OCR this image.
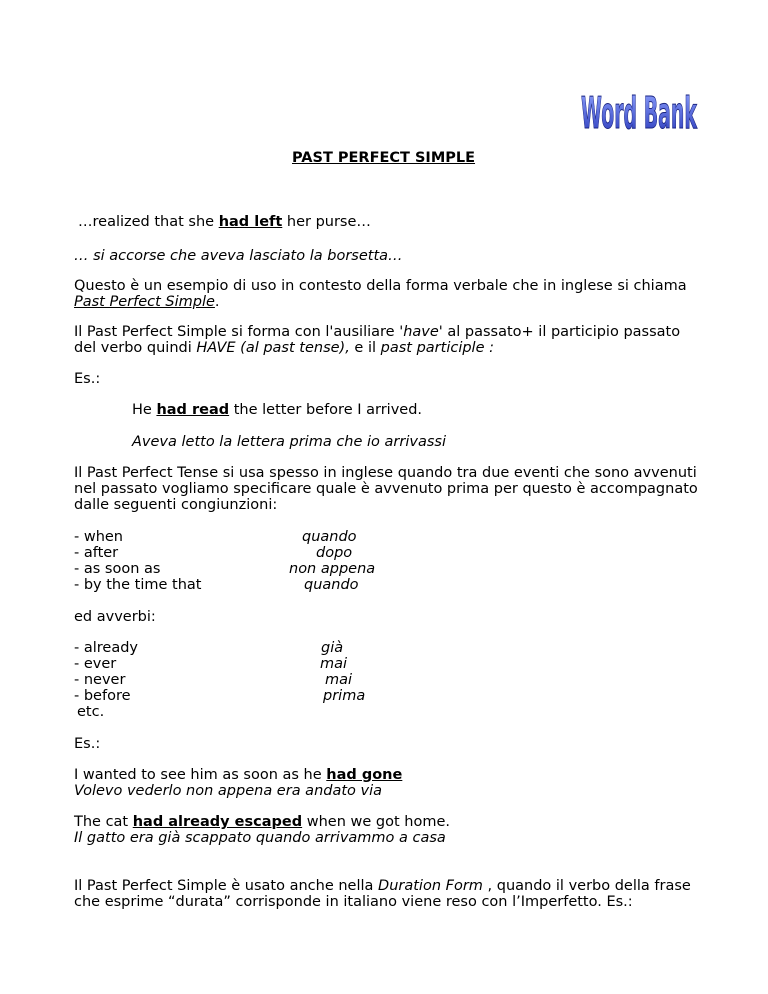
Word Bank
PAST PERFECT SIMPLE
…realized that she had left her purse…
… si accorse che aveva lasciato la borsetta…
Questo è un esempio di uso in contesto della forma verbale che in inglese si chiama
Past Perfect Simple.
Il Past Perfect Simple si forma con l'ausiliare 'have' al passato+ il participio passato
del verbo quindi HAVE (al past tense), e il past participle :
Es.:
He had read the letter before I arrived.
Aveva letto la lettera prima che io arrivassi
Il Past Perfect Tense si usa spesso in inglese quando tra due eventi che sono avvenuti
nel passato vogliamo specificare quale è avvenuto prima per questo è accompagnato
dalle seguenti congiunzioni:
- when	quando
- after	dopo
- as soon as	non appena
- by the time that	quando
ed avverbi:
- already	già
- ever	mai
- never	mai
- before	prima
etc.
Es.:
I wanted to see him as soon as he had gone
Volevo vederlo non appena era andato via
The cat had already escaped when we got home.
Il gatto era già scappato quando arrivammo a casa
Il Past Perfect Simple è usato anche nella Duration Form , quando il verbo della frase
che esprime “durata” corrisponde in italiano viene reso con l’Imperfetto. Es.:
